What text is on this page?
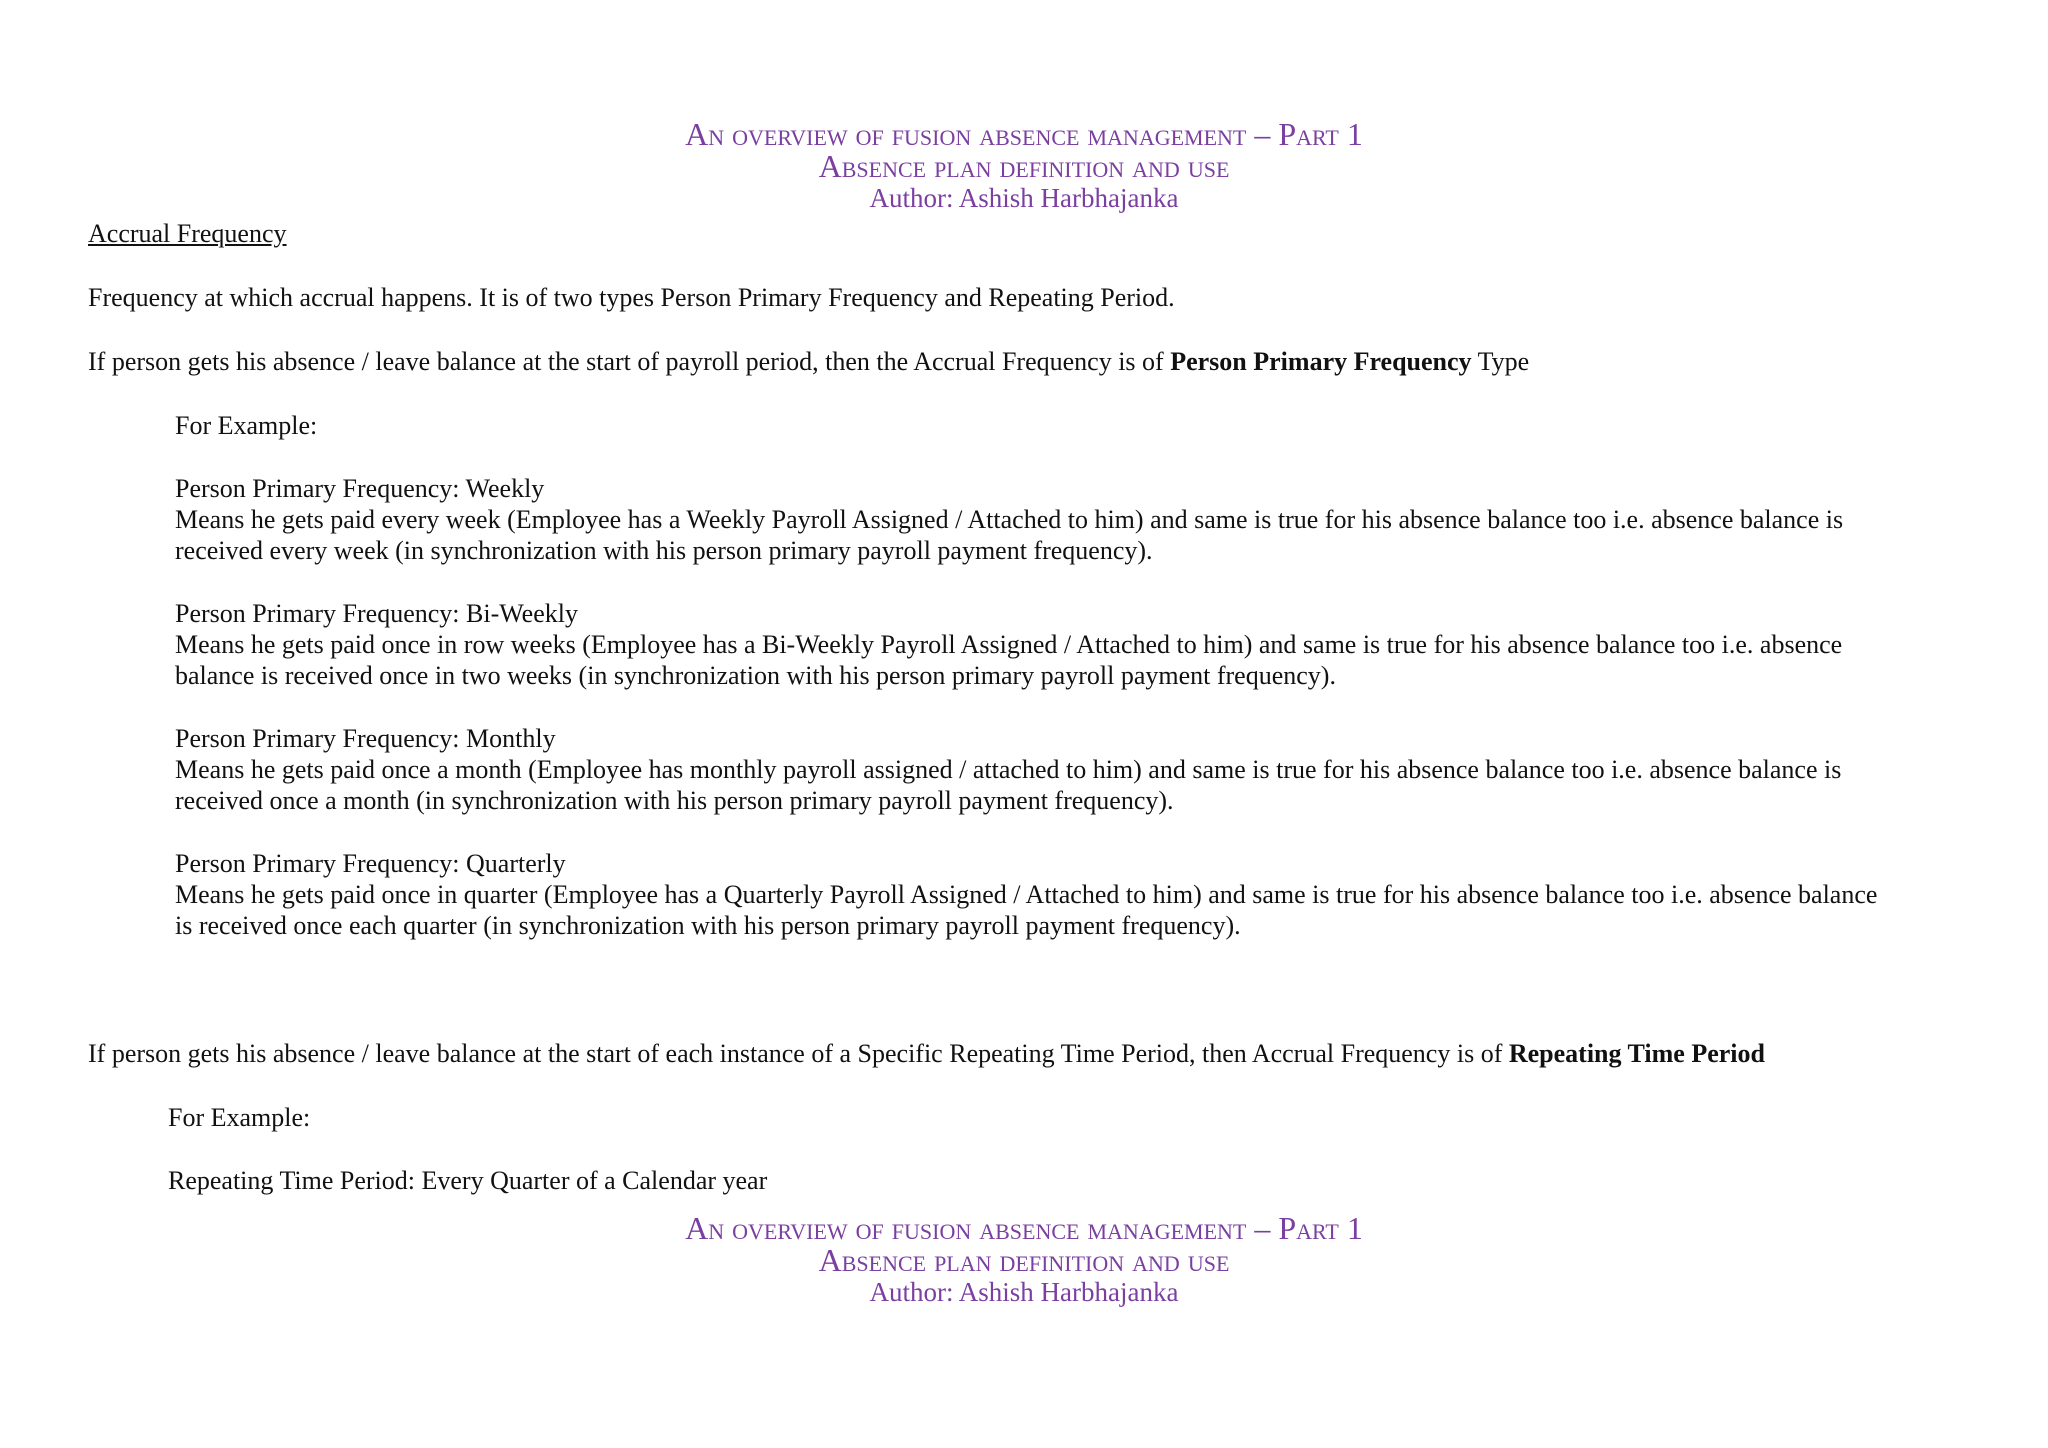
An overview of fusion absence management – Part 1
Absence plan definition and use
Author: Ashish Harbhajanka
Accrual Frequency
Frequency at which accrual happens. It is of two types Person Primary Frequency and Repeating Period.
If person gets his absence / leave balance at the start of payroll period, then the Accrual Frequency is of Person Primary Frequency Type
For Example:
Person Primary Frequency: Weekly
Means he gets paid every week (Employee has a Weekly Payroll Assigned / Attached to him) and same is true for his absence balance too i.e. absence balance is
received every week (in synchronization with his person primary payroll payment frequency).
Person Primary Frequency: Bi-Weekly
Means he gets paid once in row weeks (Employee has a Bi-Weekly Payroll Assigned / Attached to him) and same is true for his absence balance too i.e. absence
balance is received once in two weeks (in synchronization with his person primary payroll payment frequency).
Person Primary Frequency: Monthly
Means he gets paid once a month (Employee has monthly payroll assigned / attached to him) and same is true for his absence balance too i.e. absence balance is
received once a month (in synchronization with his person primary payroll payment frequency).
Person Primary Frequency: Quarterly
Means he gets paid once in quarter (Employee has a Quarterly Payroll Assigned / Attached to him) and same is true for his absence balance too i.e. absence balance
is received once each quarter (in synchronization with his person primary payroll payment frequency).
If person gets his absence / leave balance at the start of each instance of a Specific Repeating Time Period, then Accrual Frequency is of Repeating Time Period
For Example:
Repeating Time Period: Every Quarter of a Calendar year
An overview of fusion absence management – Part 1
Absence plan definition and use
Author: Ashish Harbhajanka
